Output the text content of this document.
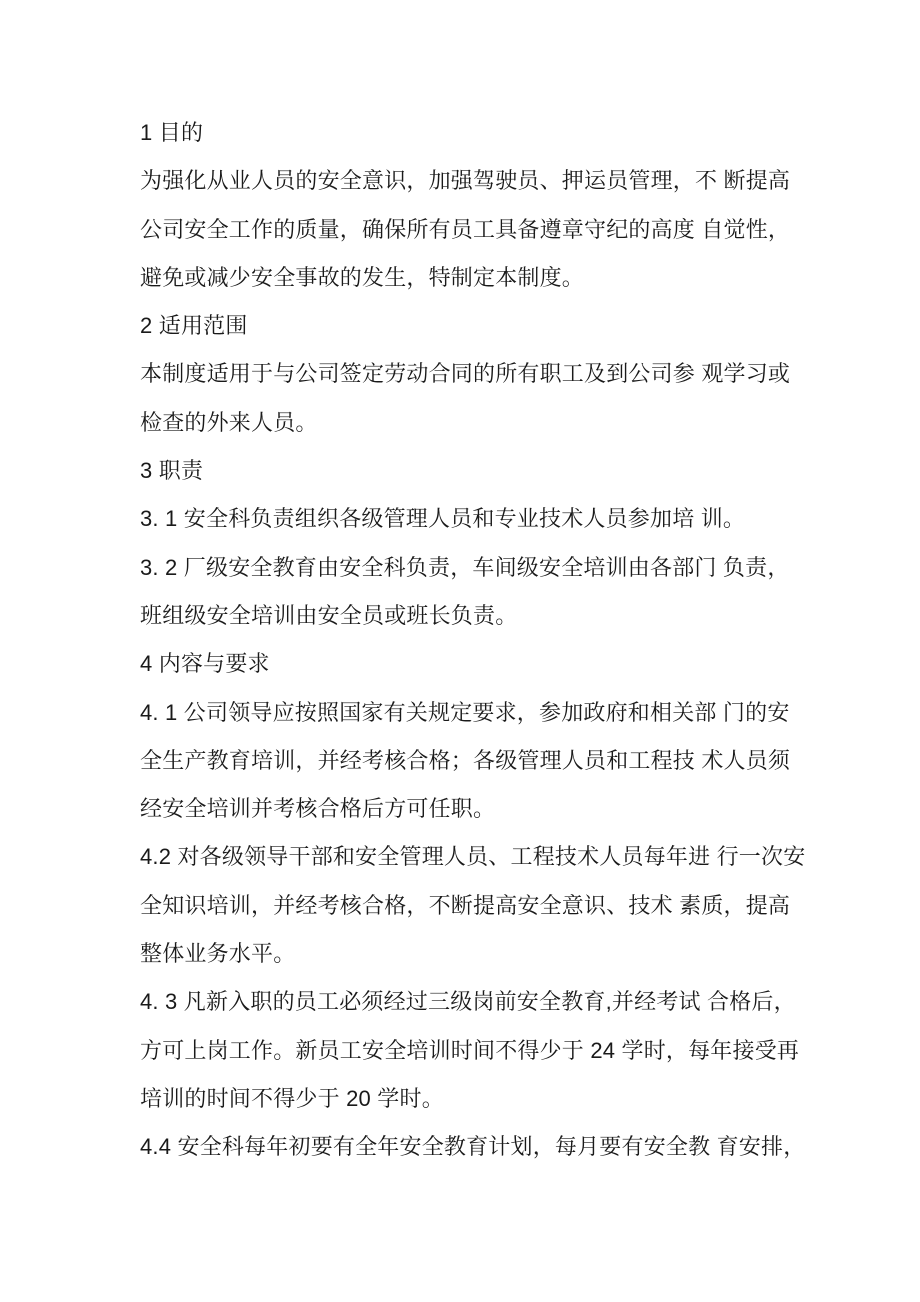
1 目的
为强化从业人员的安全意识，加强驾驶员、押运员管理，不 断提高
公司安全工作的质量，确保所有员工具备遵章守纪的高度 自觉性，
避免或减少安全事故的发生，特制定本制度。
2 适用范围
本制度适用于与公司签定劳动合同的所有职工及到公司参 观学习或
检查的外来人员。
3 职责
3. 1 安全科负责组织各级管理人员和专业技术人员参加培 训。
3. 2 厂级安全教育由安全科负责，车间级安全培训由各部门 负责，
班组级安全培训由安全员或班长负责。
4 内容与要求
4. 1 公司领导应按照国家有关规定要求，参加政府和相关部 门的安
全生产教育培训，并经考核合格；各级管理人员和工程技 术人员须
经安全培训并考核合格后方可任职。
4.2 对各级领导干部和安全管理人员、工程技术人员每年进 行一次安
全知识培训，并经考核合格，不断提高安全意识、技术 素质，提高
整体业务水平。
4. 3 凡新入职的员工必须经过三级岗前安全教育,并经考试 合格后，
方可上岗工作。新员工安全培训时间不得少于 24 学时，每年接受再
培训的时间不得少于 20 学时。
4.4 安全科每年初要有全年安全教育计划，每月要有安全教 育安排，
